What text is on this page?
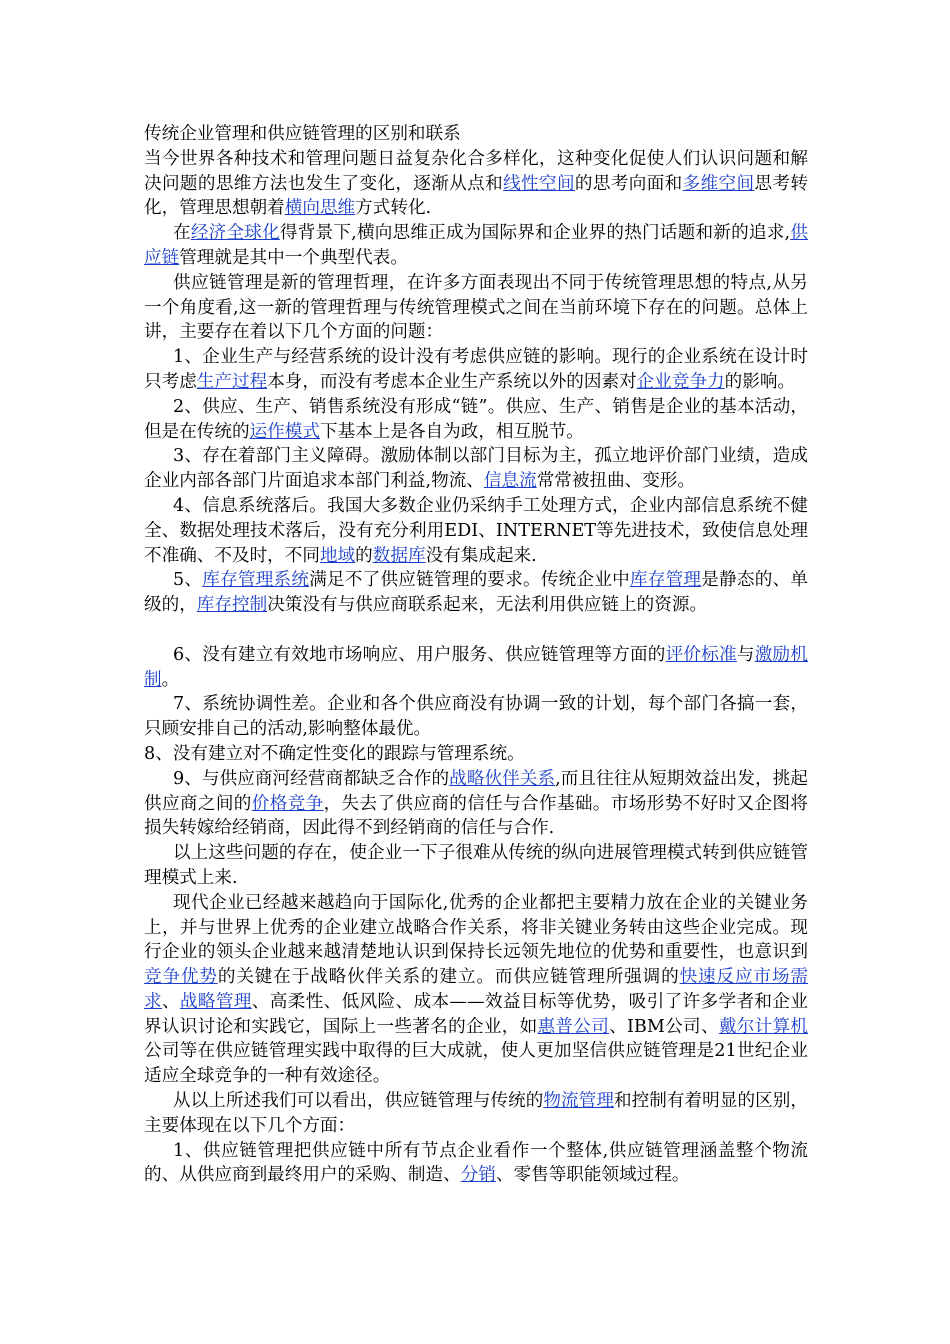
传统企业管理和供应链管理的区别和联系

当今世界各种技术和管理问题日益复杂化合多样化，这种变化促使人们认识问题和解决问题的思维方法也发生了变化，逐渐从点和线性空间的思考向面和多维空间思考转化，管理思想朝着横向思维方式转化.

在经济全球化得背景下,横向思维正成为国际界和企业界的热门话题和新的追求,供应链管理就是其中一个典型代表。

供应链管理是新的管理哲理，在许多方面表现出不同于传统管理思想的特点,从另一个角度看,这一新的管理哲理与传统管理模式之间在当前环境下存在的问题。总体上讲，主要存在着以下几个方面的问题：

1、企业生产与经营系统的设计没有考虑供应链的影响。现行的企业系统在设计时只考虑生产过程本身，而没有考虑本企业生产系统以外的因素对企业竞争力的影响。

2、供应、生产、销售系统没有形成“链”。供应、生产、销售是企业的基本活动，但是在传统的运作模式下基本上是各自为政，相互脱节。

3、存在着部门主义障碍。激励体制以部门目标为主，孤立地评价部门业绩，造成企业内部各部门片面追求本部门利益,物流、信息流常常被扭曲、变形。

4、信息系统落后。我国大多数企业仍采纳手工处理方式，企业内部信息系统不健全、数据处理技术落后，没有充分利用EDI、INTERNET等先进技术，致使信息处理不准确、不及时，不同地域的数据库没有集成起来.

5、库存管理系统满足不了供应链管理的要求。传统企业中库存管理是静态的、单级的，库存控制决策没有与供应商联系起来，无法利用供应链上的资源。

6、没有建立有效地市场响应、用户服务、供应链管理等方面的评价标准与激励机制。

7、系统协调性差。企业和各个供应商没有协调一致的计划，每个部门各搞一套，只顾安排自己的活动,影响整体最优。

8、没有建立对不确定性变化的跟踪与管理系统。

9、与供应商河经营商都缺乏合作的战略伙伴关系,而且往往从短期效益出发，挑起供应商之间的价格竞争，失去了供应商的信任与合作基础。市场形势不好时又企图将损失转嫁给经销商，因此得不到经销商的信任与合作.

以上这些问题的存在，使企业一下子很难从传统的纵向进展管理模式转到供应链管理模式上来.

现代企业已经越来越趋向于国际化,优秀的企业都把主要精力放在企业的关键业务上，并与世界上优秀的企业建立战略合作关系，将非关键业务转由这些企业完成。现行企业的领头企业越来越清楚地认识到保持长远领先地位的优势和重要性，也意识到竞争优势的关键在于战略伙伴关系的建立。而供应链管理所强调的快速反应市场需求、战略管理、高柔性、低风险、成本——效益目标等优势，吸引了许多学者和企业界认识讨论和实践它，国际上一些著名的企业，如惠普公司、IBM公司、戴尔计算机公司等在供应链管理实践中取得的巨大成就，使人更加坚信供应链管理是21世纪企业适应全球竞争的一种有效途径。

从以上所述我们可以看出，供应链管理与传统的物流管理和控制有着明显的区别，主要体现在以下几个方面：

1、供应链管理把供应链中所有节点企业看作一个整体,供应链管理涵盖整个物流的、从供应商到最终用户的采购、制造、分销、零售等职能领域过程。
